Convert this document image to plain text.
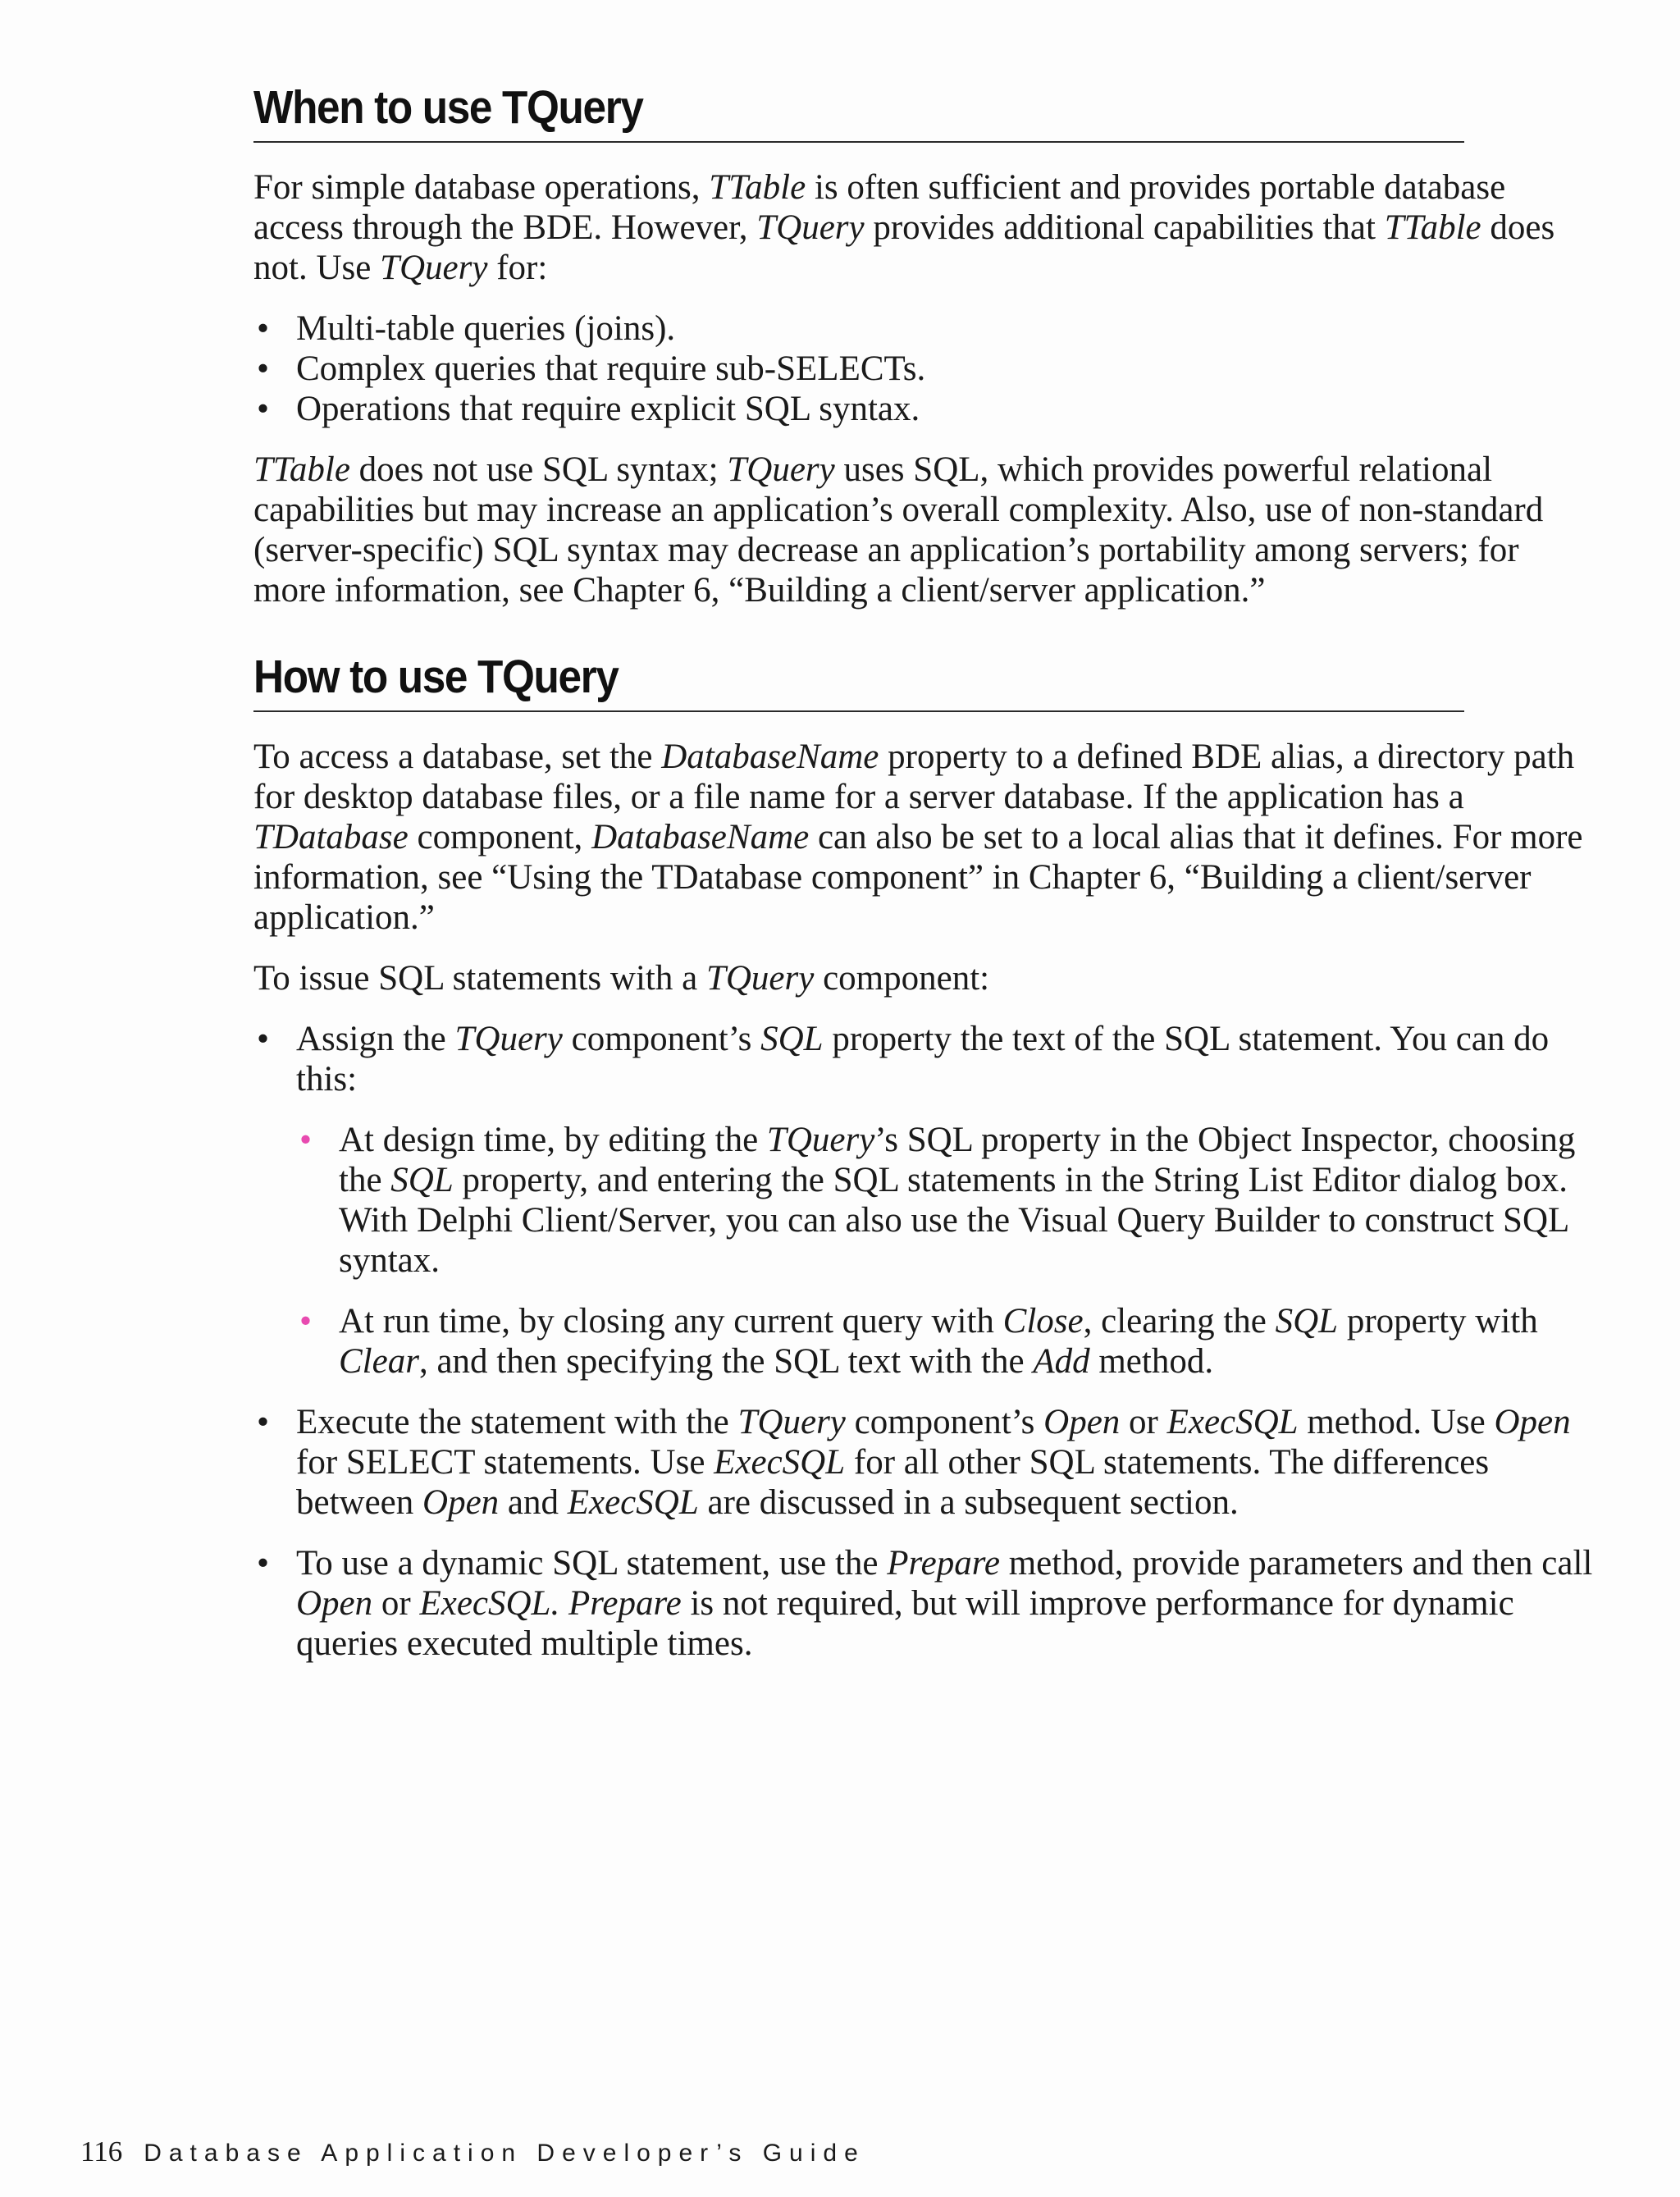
When to use TQuery

For simple database operations, TTable is often sufficient and provides portable database access through the BDE. However, TQuery provides additional capabilities that TTable does not. Use TQuery for:

• Multi-table queries (joins).
• Complex queries that require sub-SELECTs.
• Operations that require explicit SQL syntax.

TTable does not use SQL syntax; TQuery uses SQL, which provides powerful relational capabilities but may increase an application’s overall complexity. Also, use of non-standard (server-specific) SQL syntax may decrease an application’s portability among servers; for more information, see Chapter 6, “Building a client/server application.”

How to use TQuery

To access a database, set the DatabaseName property to a defined BDE alias, a directory path for desktop database files, or a file name for a server database. If the application has a TDatabase component, DatabaseName can also be set to a local alias that it defines. For more information, see “Using the TDatabase component” in Chapter 6, “Building a client/server application.”

To issue SQL statements with a TQuery component:

• Assign the TQuery component’s SQL property the text of the SQL statement. You can do this:
• At design time, by editing the TQuery’s SQL property in the Object Inspector, choosing the SQL property, and entering the SQL statements in the String List Editor dialog box. With Delphi Client/Server, you can also use the Visual Query Builder to construct SQL syntax.
• At run time, by closing any current query with Close, clearing the SQL property with Clear, and then specifying the SQL text with the Add method.
• Execute the statement with the TQuery component’s Open or ExecSQL method. Use Open for SELECT statements. Use ExecSQL for all other SQL statements. The differences between Open and ExecSQL are discussed in a subsequent section.
• To use a dynamic SQL statement, use the Prepare method, provide parameters and then call Open or ExecSQL. Prepare is not required, but will improve performance for dynamic queries executed multiple times.
116 Database Application Developer’s Guide
